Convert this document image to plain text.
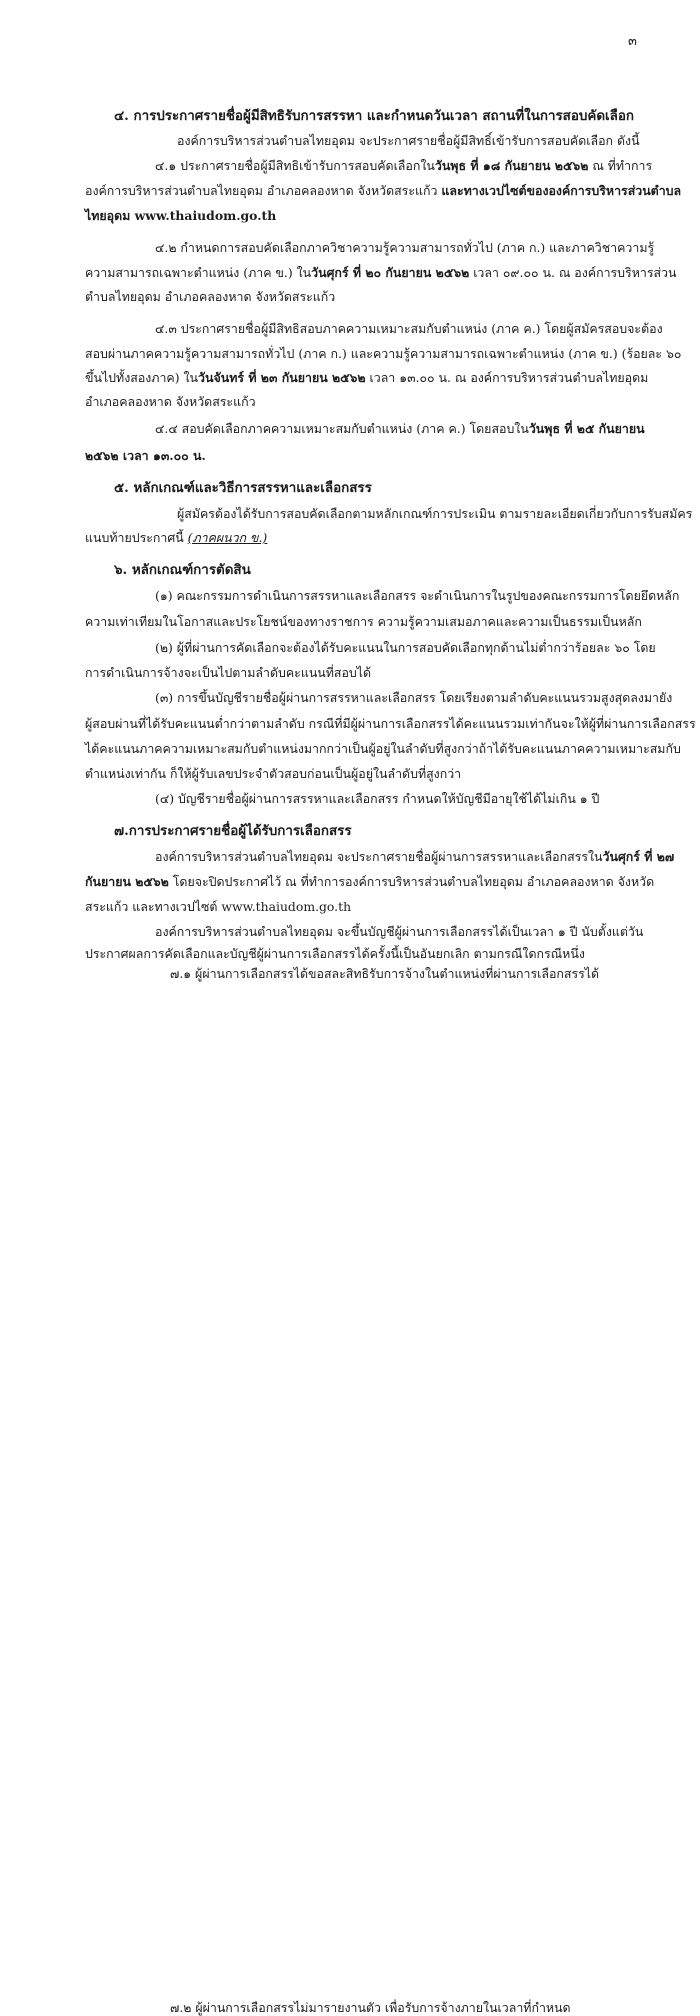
๓
๔. การประกาศรายชื่อผู้มีสิทธิรับการสรรหา และกำหนดวันเวลา สถานที่ในการสอบคัดเลือก
องค์การบริหารส่วนตำบลไทยอุดม จะประกาศรายชื่อผู้มีสิทธิ์เข้ารับการสอบคัดเลือก ดังนี้
๔.๑ ประกาศรายชื่อผู้มีสิทธิเข้ารับการสอบคัดเลือกในวันพุธ ที่ ๑๘ กันยายน ๒๕๖๒ ณ ที่ทำการ
องค์การบริหารส่วนตำบลไทยอุดม อำเภอคลองหาด จังหวัดสระแก้ว และทางเวปไซต์ขององค์การบริหารส่วนตำบล
ไทยอุดม www.thaiudom.go.th
๔.๒ กำหนดการสอบคัดเลือกภาควิชาความรู้ความสามารถทั่วไป (ภาค ก.) และภาควิชาความรู้
ความสามารถเฉพาะตำแหน่ง (ภาค ข.) ในวันศุกร์ ที่ ๒๐ กันยายน ๒๕๖๒ เวลา ๐๙.๐๐ น. ณ องค์การบริหารส่วน
ตำบลไทยอุดม อำเภอคลองหาด จังหวัดสระแก้ว
๔.๓ ประกาศรายชื่อผู้มีสิทธิสอบภาคความเหมาะสมกับตำแหน่ง (ภาค ค.) โดยผู้สมัครสอบจะต้อง
สอบผ่านภาคความรู้ความสามารถทั่วไป (ภาค ก.) และความรู้ความสามารถเฉพาะตำแหน่ง (ภาค ข.) (ร้อยละ ๖๐
ขึ้นไปทั้งสองภาค) ในวันจันทร์ ที่ ๒๓ กันยายน ๒๕๖๒ เวลา ๑๓.๐๐ น. ณ องค์การบริหารส่วนตำบลไทยอุดม
อำเภอคลองหาด จังหวัดสระแก้ว
๔.๔ สอบคัดเลือกภาคความเหมาะสมกับตำแหน่ง (ภาค ค.) โดยสอบในวันพุธ ที่ ๒๕ กันยายน
๒๕๖๒ เวลา ๑๓.๐๐ น.
๕. หลักเกณฑ์และวิธีการสรรหาและเลือกสรร
ผู้สมัครต้องได้รับการสอบคัดเลือกตามหลักเกณฑ์การประเมิน ตามรายละเอียดเกี่ยวกับการรับสมัคร
แนบท้ายประกาศนี้ (ภาคผนวก ข.)
๖. หลักเกณฑ์การตัดสิน
(๑) คณะกรรมการดำเนินการสรรหาและเลือกสรร จะดำเนินการในรูปของคณะกรรมการโดยยึดหลัก
ความเท่าเทียมในโอกาสและประโยชน์ของทางราชการ ความรู้ความเสมอภาคและความเป็นธรรมเป็นหลัก
(๒) ผู้ที่ผ่านการคัดเลือกจะต้องได้รับคะแนนในการสอบคัดเลือกทุกด้านไม่ต่ำกว่าร้อยละ ๖๐ โดย
การดำเนินการจ้างจะเป็นไปตามลำดับคะแนนที่สอบได้
(๓) การขึ้นบัญชีรายชื่อผู้ผ่านการสรรหาและเลือกสรร โดยเรียงตามลำดับคะแนนรวมสูงสุดลงมายัง
ผู้สอบผ่านที่ได้รับคะแนนต่ำกว่าตามลำดับ กรณีที่มีผู้ผ่านการเลือกสรรได้คะแนนรวมเท่ากันจะให้ผู้ที่ผ่านการเลือกสรร
ได้คะแนนภาคความเหมาะสมกับตำแหน่งมากกว่าเป็นผู้อยู่ในลำดับที่สูงกว่าถ้าได้รับคะแนนภาคความเหมาะสมกับ
ตำแหน่งเท่ากัน ก็ให้ผู้รับเลขประจำตัวสอบก่อนเป็นผู้อยู่ในลำดับที่สูงกว่า
(๔) บัญชีรายชื่อผู้ผ่านการสรรหาและเลือกสรร กำหนดให้บัญชีมีอายุใช้ได้ไม่เกิน ๑ ปี
๗.การประกาศรายชื่อผู้ได้รับการเลือกสรร
องค์การบริหารส่วนตำบลไทยอุดม จะประกาศรายชื่อผู้ผ่านการสรรหาและเลือกสรรในวันศุกร์ ที่ ๒๗
กันยายน ๒๕๖๒ โดยจะปิดประกาศไว้ ณ ที่ทำการองค์การบริหารส่วนตำบลไทยอุดม อำเภอคลองหาด จังหวัด
สระแก้ว และทางเวปไซต์ www.thaiudom.go.th
องค์การบริหารส่วนตำบลไทยอุดม จะขึ้นบัญชีผู้ผ่านการเลือกสรรได้เป็นเวลา ๑ ปี นับตั้งแต่วัน
ประกาศผลการคัดเลือกและบัญชีผู้ผ่านการเลือกสรรได้ครั้งนี้เป็นอันยกเลิก ตามกรณีใดกรณีหนึ่ง
๗.๑ ผู้ผ่านการเลือกสรรได้ขอสละสิทธิรับการจ้างในตำแหน่งที่ผ่านการเลือกสรรได้
๗.๒ ผู้ผ่านการเลือกสรรไม่มารายงานตัว เพื่อรับการจ้างภายในเวลาที่กำหนด
